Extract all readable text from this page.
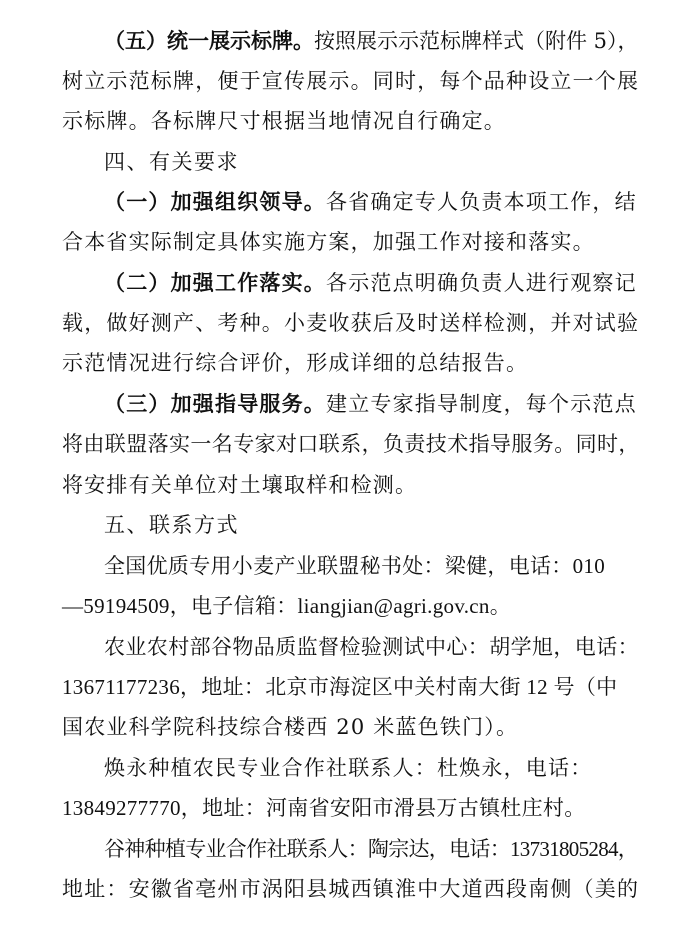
（五）统一展示标牌。按照展示示范标牌样式（附件 5），
树立示范标牌，便于宣传展示。同时，每个品种设立一个展
示标牌。各标牌尺寸根据当地情况自行确定。
四、有关要求
（一）加强组织领导。各省确定专人负责本项工作，结
合本省实际制定具体实施方案，加强工作对接和落实。
（二）加强工作落实。各示范点明确负责人进行观察记
载，做好测产、考种。小麦收获后及时送样检测，并对试验
示范情况进行综合评价，形成详细的总结报告。
（三）加强指导服务。建立专家指导制度，每个示范点
将由联盟落实一名专家对口联系，负责技术指导服务。同时，
将安排有关单位对土壤取样和检测。
五、联系方式
全国优质专用小麦产业联盟秘书处：梁健，电话：010
—59194509，电子信箱：liangjian@agri.gov.cn。
农业农村部谷物品质监督检验测试中心：胡学旭，电话：
13671177236，地址：北京市海淀区中关村南大街 12 号（中
国农业科学院科技综合楼西 20 米蓝色铁门）。
焕永种植农民专业合作社联系人：杜焕永，电话：
13849277770，地址：河南省安阳市滑县万古镇杜庄村。
谷神种植专业合作社联系人：陶宗达，电话：13731805284，
地址：安徽省亳州市涡阳县城西镇淮中大道西段南侧（美的
